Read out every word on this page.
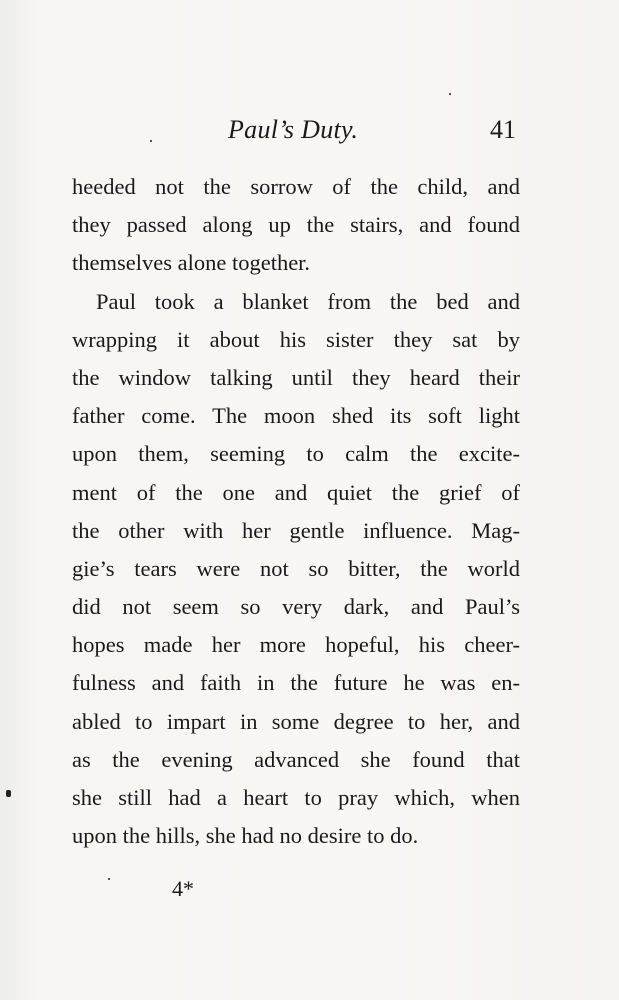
Paul’s Duty.	41
heeded not the sorrow of the child, and
they passed along up the stairs, and found
themselves alone together.
Paul took a blanket from the bed and
wrapping it about his sister they sat by
the window talking until they heard their
father come. The moon shed its soft light
upon them, seeming to calm the excite-
ment of the one and quiet the grief of
the other with her gentle influence. Mag-
gie’s tears were not so bitter, the world
did not seem so very dark, and Paul’s
hopes made her more hopeful, his cheer-
fulness and faith in the future he was en-
abled to impart in some degree to her, and
as the evening advanced she found that
she still had a heart to pray which, when
upon the hills, she had no desire to do.
4*
